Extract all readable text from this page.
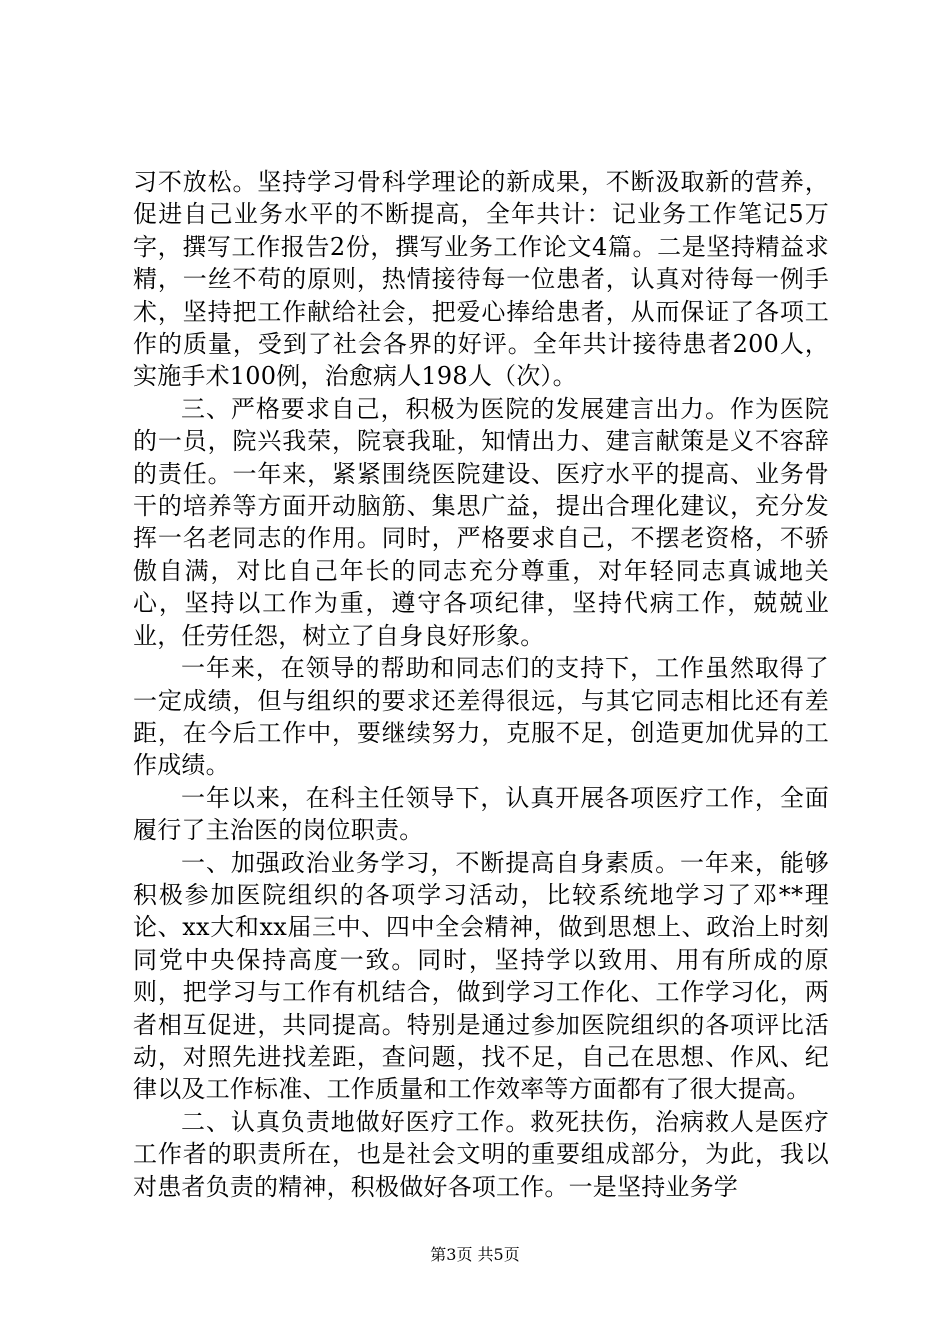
习不放松。坚持学习骨科学理论的新成果，不断汲取新的营养，促进自己业务水平的不断提高，全年共计：记业务工作笔记5万字，撰写工作报告2份，撰写业务工作论文4篇。二是坚持精益求精，一丝不苟的原则，热情接待每一位患者，认真对待每一例手术，坚持把工作献给社会，把爱心捧给患者，从而保证了各项工作的质量，受到了社会各界的好评。全年共计接待患者200人，实施手术100例，治愈病人198人（次）。

三、严格要求自己，积极为医院的发展建言出力。作为医院的一员，院兴我荣，院衰我耻，知情出力、建言献策是义不容辞的责任。一年来，紧紧围绕医院建设、医疗水平的提高、业务骨干的培养等方面开动脑筋、集思广益，提出合理化建议，充分发挥一名老同志的作用。同时，严格要求自己，不摆老资格，不骄傲自满，对比自己年长的同志充分尊重，对年轻同志真诚地关心，坚持以工作为重，遵守各项纪律，坚持代病工作，兢兢业业，任劳任怨，树立了自身良好形象。

一年来，在领导的帮助和同志们的支持下，工作虽然取得了一定成绩，但与组织的要求还差得很远，与其它同志相比还有差距，在今后工作中，要继续努力，克服不足，创造更加优异的工作成绩。

一年以来，在科主任领导下，认真开展各项医疗工作，全面履行了主治医的岗位职责。

一、加强政治业务学习，不断提高自身素质。一年来，能够积极参加医院组织的各项学习活动，比较系统地学习了邓**理论、xx大和xx届三中、四中全会精神，做到思想上、政治上时刻同党中央保持高度一致。同时，坚持学以致用、用有所成的原则，把学习与工作有机结合，做到学习工作化、工作学习化，两者相互促进，共同提高。特别是通过参加医院组织的各项评比活动，对照先进找差距，查问题，找不足，自己在思想、作风、纪律以及工作标准、工作质量和工作效率等方面都有了很大提高。

二、认真负责地做好医疗工作。救死扶伤，治病救人是医疗工作者的职责所在，也是社会文明的重要组成部分，为此，我以对患者负责的精神，积极做好各项工作。一是坚持业务学

第3页 共5页
